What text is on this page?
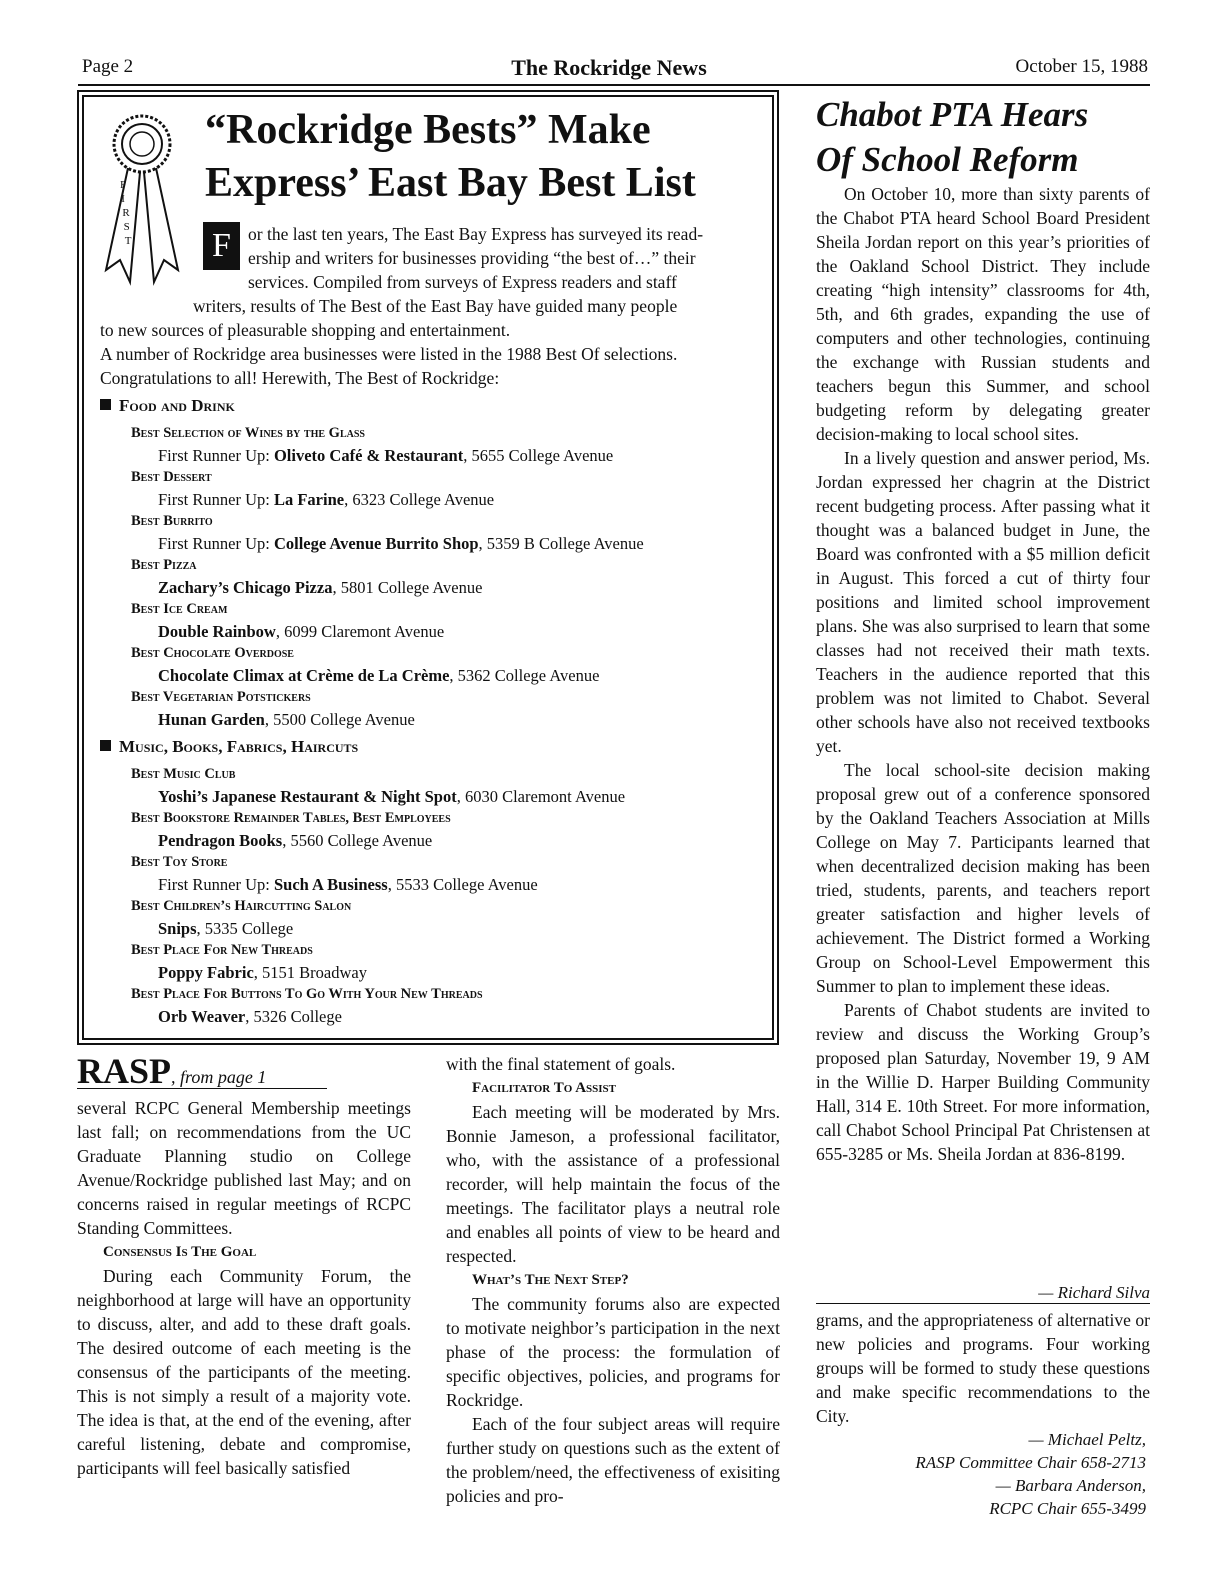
Page 2	The Rockridge News	October 15, 1988
F
I
R
S
T
“Rockridge Bests” Make
Express’ East Bay Best List
F or the last ten years, The East Bay Express has surveyed its read-
ership and writers for businesses providing “the best of…” their
services. Compiled from surveys of Express readers and staff
writers, results of The Best of the East Bay have guided many people
to new sources of pleasurable shopping and entertainment.
A number of Rockridge area businesses were listed in the 1988 Best Of selections.
Congratulations to all! Herewith, The Best of Rockridge:
Food and Drink
Best Selection of Wines by the Glass
First Runner Up: Oliveto Café & Restaurant, 5655 College Avenue
Best Dessert
First Runner Up: La Farine, 6323 College Avenue
Best Burrito
First Runner Up: College Avenue Burrito Shop, 5359 B College Avenue
Best Pizza
Zachary’s Chicago Pizza, 5801 College Avenue
Best Ice Cream
Double Rainbow, 6099 Claremont Avenue
Best Chocolate Overdose
Chocolate Climax at Crème de La Crème, 5362 College Avenue
Best Vegetarian Potstickers
Hunan Garden, 5500 College Avenue
Music, Books, Fabrics, Haircuts
Best Music Club
Yoshi’s Japanese Restaurant & Night Spot, 6030 Claremont Avenue
Best Bookstore Remainder Tables, Best Employees
Pendragon Books, 5560 College Avenue
Best Toy Store
First Runner Up: Such A Business, 5533 College Avenue
Best Children’s Haircutting Salon
Snips, 5335 College
Best Place For New Threads
Poppy Fabric, 5151 Broadway
Best Place For Buttons To Go With Your New Threads
Orb Weaver, 5326 College
Chabot PTA Hears
Of School Reform

On October 10, more than sixty parents of the Chabot PTA heard School Board President Sheila Jordan report on this year’s priorities of the Oakland School District. They include creating “high intensity” classrooms for 4th, 5th, and 6th grades, expanding the use of computers and other technologies, continuing the exchange with Russian students and teachers begun this Summer, and school budgeting reform by delegating greater decision-making to local school sites.

In a lively question and answer period, Ms. Jordan expressed her chagrin at the District recent budgeting process. After passing what it thought was a balanced budget in June, the Board was confronted with a $5 million deficit in August. This forced a cut of thirty four positions and limited school improvement plans. She was also surprised to learn that some classes had not received their math texts. Teachers in the audience reported that this problem was not limited to Chabot. Several other schools have also not received textbooks yet.

The local school-site decision making proposal grew out of a conference sponsored by the Oakland Teachers Association at Mills College on May 7. Participants learned that when decentralized decision making has been tried, students, parents, and teachers report greater satisfaction and higher levels of achievement. The District formed a Working Group on School-Level Empowerment this Summer to plan to implement these ideas.

Parents of Chabot students are invited to review and discuss the Working Group’s proposed plan Saturday, November 19, 9 AM in the Willie D. Harper Building Community Hall, 314 E. 10th Street. For more information, call Chabot School Principal Pat Christensen at 655-3285 or Ms. Sheila Jordan at 836-8199.

— Richard Silva
RASP, from page 1

several RCPC General Membership meetings last fall; on recommendations from the UC Graduate Planning studio on College Avenue/Rockridge published last May; and on concerns raised in regular meetings of RCPC Standing Committees.

Consensus Is The Goal

During each Community Forum, the neighborhood at large will have an opportunity to discuss, alter, and add to these draft goals. The desired outcome of each meeting is the consensus of the participants of the meeting. This is not simply a result of a majority vote. The idea is that, at the end of the evening, after careful listening, debate and compromise, participants will feel basically satisfied

with the final statement of goals.

Facilitator To Assist

Each meeting will be moderated by Mrs. Bonnie Jameson, a professional facilitator, who, with the assistance of a professional recorder, will help maintain the focus of the meetings. The facilitator plays a neutral role and enables all points of view to be heard and respected.

What’s The Next Step?

The community forums also are expected to motivate neighbor’s participation in the next phase of the process: the formulation of specific objectives, policies, and programs for Rockridge.

Each of the four subject areas will require further study on questions such as the extent of the problem/need, the effectiveness of exisiting policies and pro-

grams, and the appropriateness of alternative or new policies and programs. Four working groups will be formed to study these questions and make specific recommendations to the City.

— Michael Peltz,
RASP Committee Chair 658-2713
— Barbara Anderson,
RCPC Chair 655-3499
